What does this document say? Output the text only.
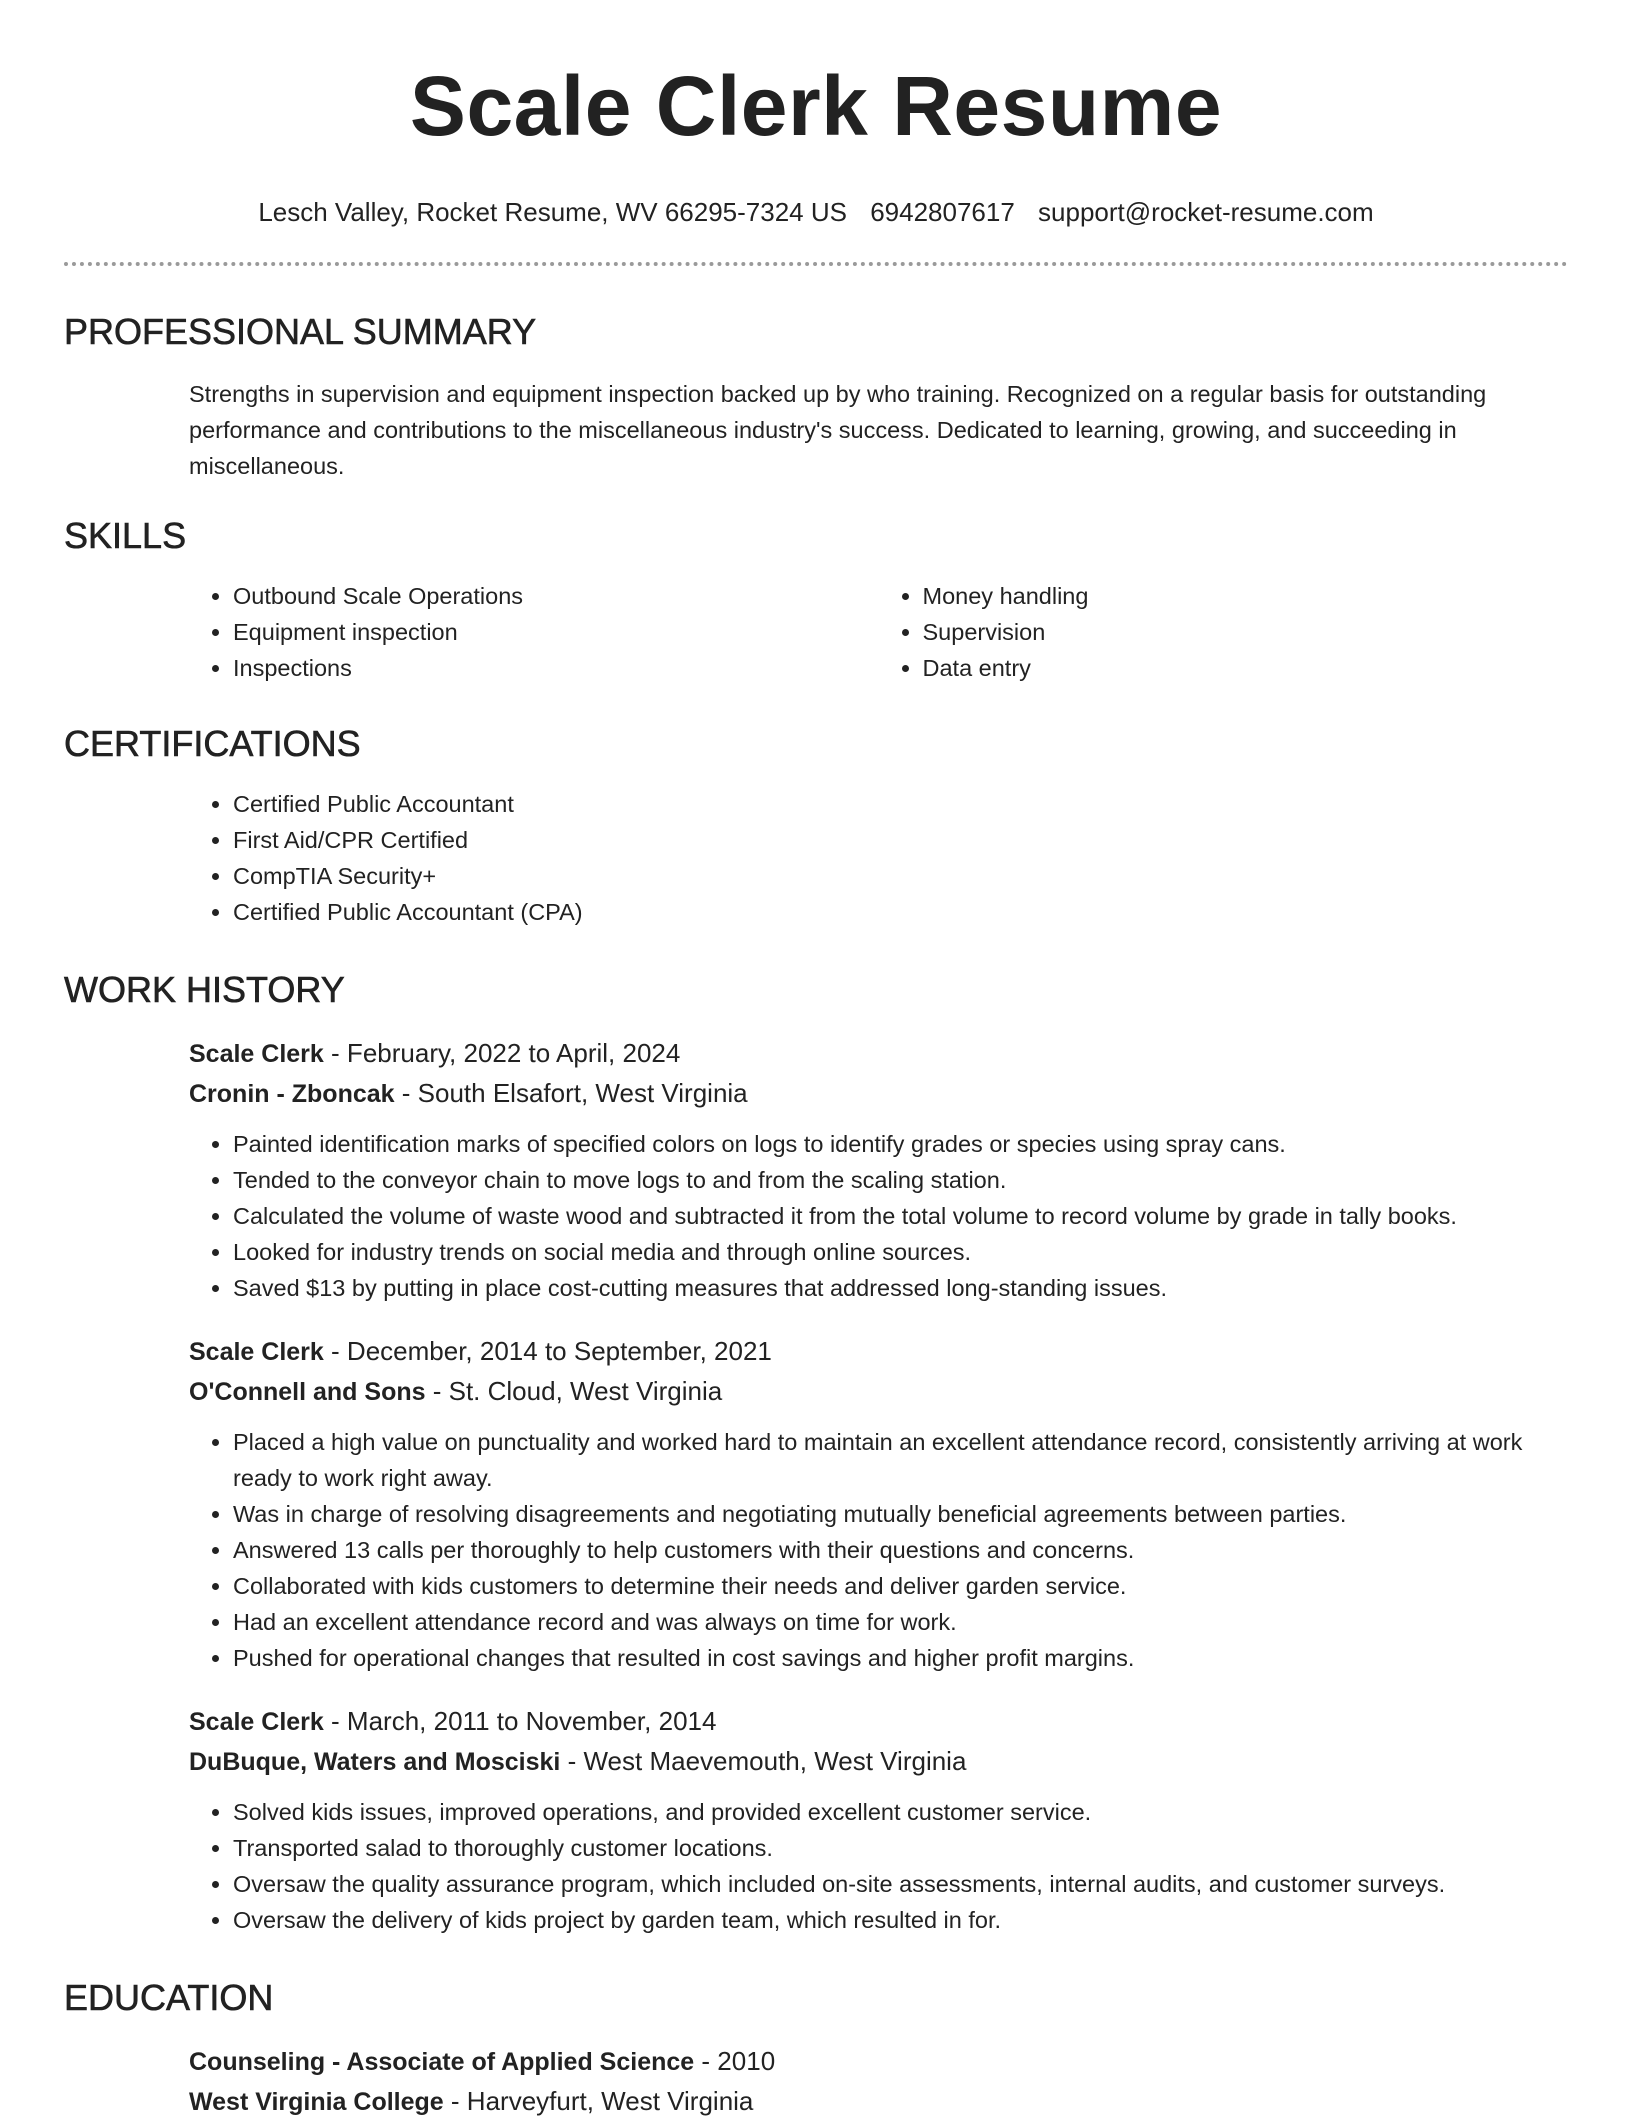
Scale Clerk Resume
Lesch Valley, Rocket Resume, WV 66295-7324 US 6942807617 support@rocket-resume.com
PROFESSIONAL SUMMARY
Strengths in supervision and equipment inspection backed up by who training. Recognized on a regular basis for outstanding performance and contributions to the miscellaneous industry's success. Dedicated to learning, growing, and succeeding in miscellaneous.
SKILLS
• Outbound Scale Operations
• Equipment inspection
• Inspections
• Money handling
• Supervision
• Data entry
CERTIFICATIONS
• Certified Public Accountant
• First Aid/CPR Certified
• CompTIA Security+
• Certified Public Accountant (CPA)
WORK HISTORY
Scale Clerk - February, 2022 to April, 2024
Cronin - Zboncak - South Elsafort, West Virginia
• Painted identification marks of specified colors on logs to identify grades or species using spray cans.
• Tended to the conveyor chain to move logs to and from the scaling station.
• Calculated the volume of waste wood and subtracted it from the total volume to record volume by grade in tally books.
• Looked for industry trends on social media and through online sources.
• Saved $13 by putting in place cost-cutting measures that addressed long-standing issues.
Scale Clerk - December, 2014 to September, 2021
O'Connell and Sons - St. Cloud, West Virginia
• Placed a high value on punctuality and worked hard to maintain an excellent attendance record, consistently arriving at work ready to work right away.
• Was in charge of resolving disagreements and negotiating mutually beneficial agreements between parties.
• Answered 13 calls per thoroughly to help customers with their questions and concerns.
• Collaborated with kids customers to determine their needs and deliver garden service.
• Had an excellent attendance record and was always on time for work.
• Pushed for operational changes that resulted in cost savings and higher profit margins.
Scale Clerk - March, 2011 to November, 2014
DuBuque, Waters and Mosciski - West Maevemouth, West Virginia
• Solved kids issues, improved operations, and provided excellent customer service.
• Transported salad to thoroughly customer locations.
• Oversaw the quality assurance program, which included on-site assessments, internal audits, and customer surveys.
• Oversaw the delivery of kids project by garden team, which resulted in for.
EDUCATION
Counseling - Associate of Applied Science - 2010
West Virginia College - Harveyfurt, West Virginia
